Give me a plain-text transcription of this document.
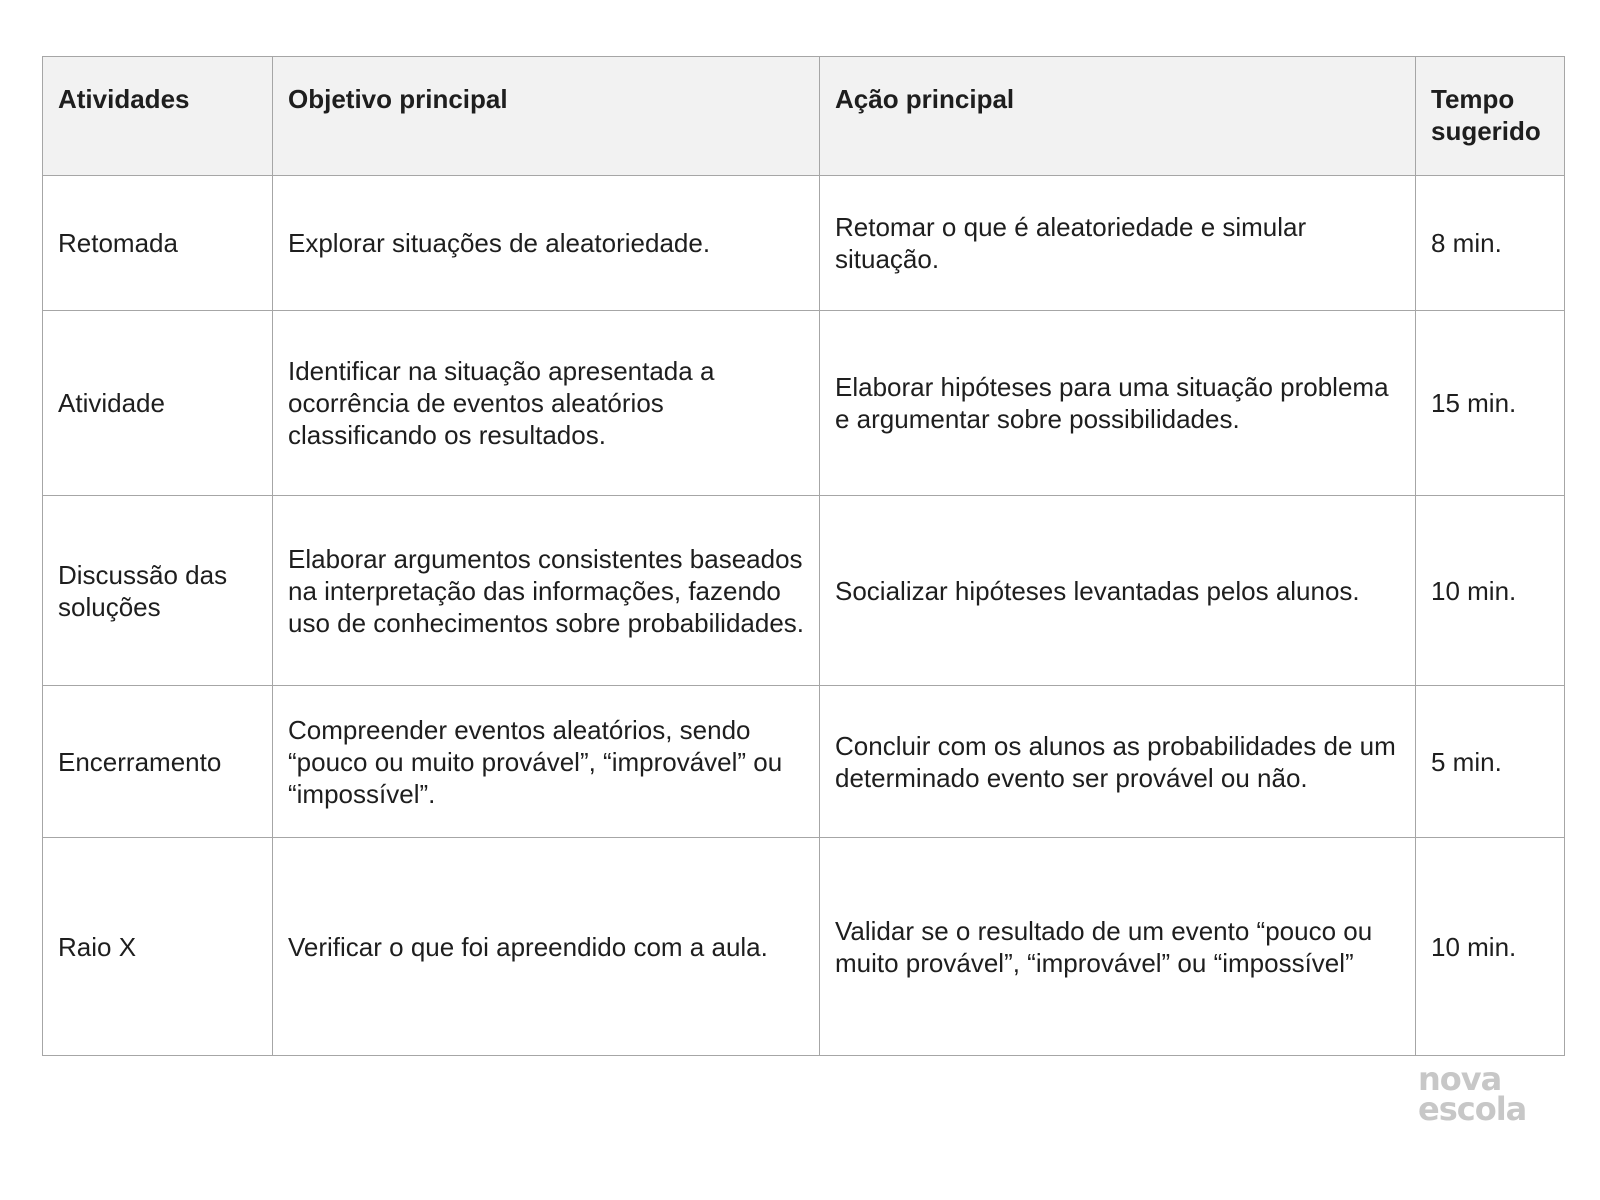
Atividades	Objetivo principal	Ação principal	Tempo sugerido
Retomada	Explorar situações de aleatoriedade.	Retomar o que é aleatoriedade e simular situação.	8 min.
Atividade	Identificar na situação apresentada a ocorrência de eventos aleatórios classificando os resultados.	Elaborar hipóteses para uma situação problema e argumentar sobre possibilidades.	15 min.
Discussão das soluções	Elaborar argumentos consistentes baseados na interpretação das informações, fazendo uso de conhecimentos sobre probabilidades.	Socializar hipóteses levantadas pelos alunos.	10 min.
Encerramento	Compreender eventos aleatórios, sendo “pouco ou muito provável”, “improvável” ou “impossível”.	Concluir com os alunos as probabilidades de um determinado evento ser provável ou não.	5 min.
Raio X	Verificar o que foi apreendido com a aula.	Validar se o resultado de um evento “pouco ou muito provável”, “improvável” ou “impossível”	10 min.
nova
escola
